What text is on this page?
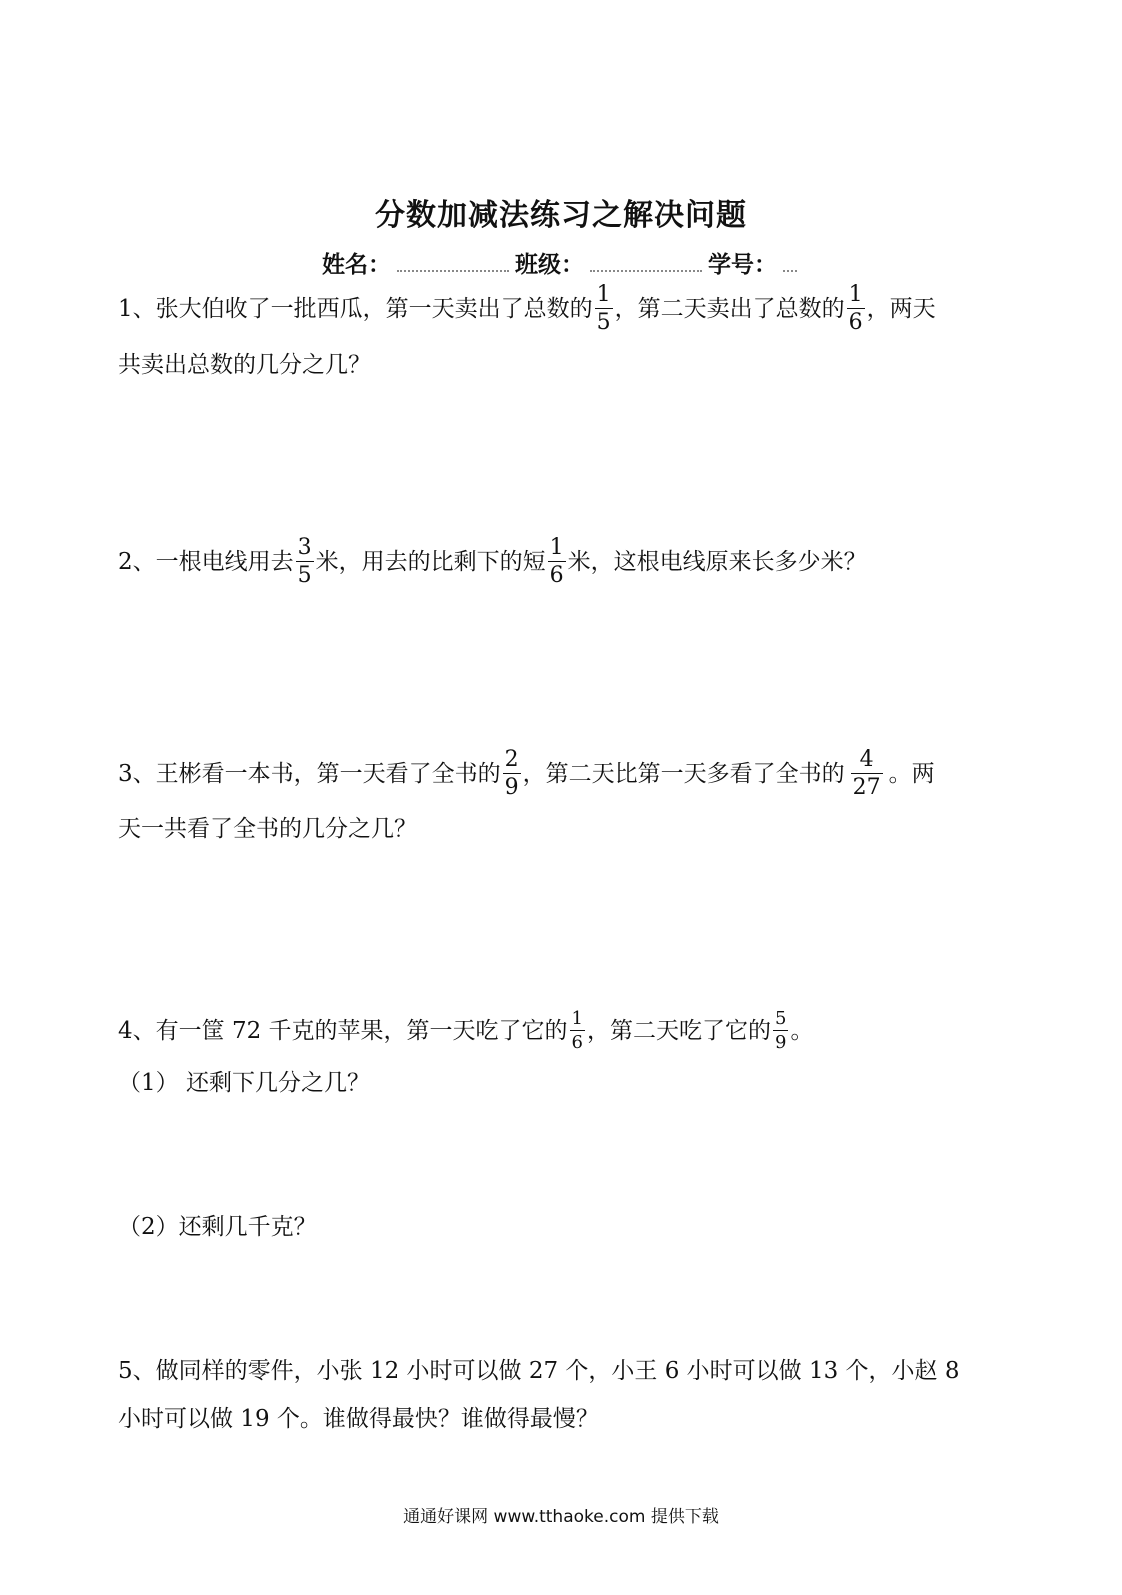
分数加减法练习之解决问题
姓名：	班级：	学号：
1、张大伯收了一批西瓜，第一天卖出了总数的 $\frac{1}{5}$ ，第二天卖出了总数的 $\frac{1}{6}$ ，两天
共卖出总数的几分之几？
2、一根电线用去 $\frac{3}{5}$ 米，用去的比剩下的短 $\frac{1}{6}$ 米，这根电线原来长多少米？
3、王彬看一本书，第一天看了全书的 $\frac{2}{9}$ ，第二天比第一天多看了全书的 $\frac{4}{27}$ 。两
天一共看了全书的几分之几？
4、有一筐 72 千克的苹果，第一天吃了它的 $\frac{1}{6}$ ，第二天吃了它的 $\frac{5}{9}$ 。
（1） 还剩下几分之几？
（2）还剩几千克？
5、做同样的零件，小张 12 小时可以做 27 个，小王 6 小时可以做 13 个，小赵 8
小时可以做 19 个。谁做得最快？谁做得最慢？
通通好课网 www.tthaoke.com 提供下载
